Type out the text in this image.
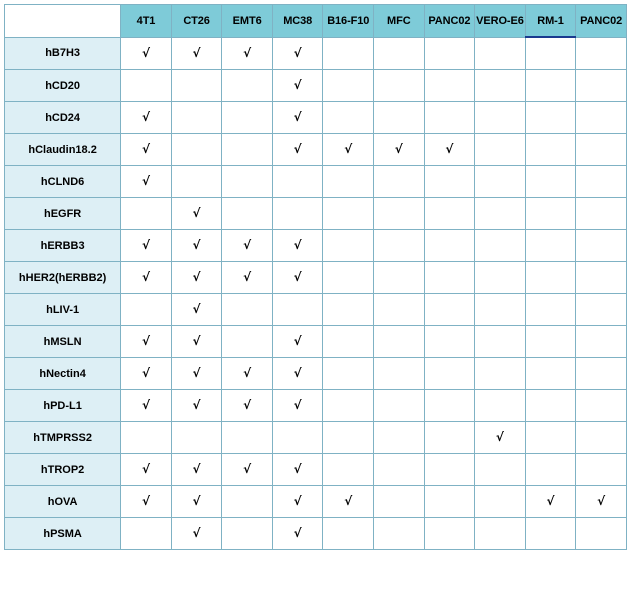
	4T1	CT26	EMT6	MC38	B16-F10	MFC	PANC02	VERO-E6	RM-1	PANC02
hB7H3	√	√	√	√						
hCD20				√						
hCD24	√			√						
hClaudin18.2	√			√	√	√	√			
hCLND6	√									
hEGFR		√								
hERBB3	√	√	√	√						
hHER2(hERBB2)	√	√	√	√						
hLIV-1		√								
hMSLN	√	√		√						
hNectin4	√	√	√	√						
hPD-L1	√	√	√	√						
hTMPRSS2								√		
hTROP2	√	√	√	√						
hOVA	√	√		√	√				√	√
hPSMA		√		√						
